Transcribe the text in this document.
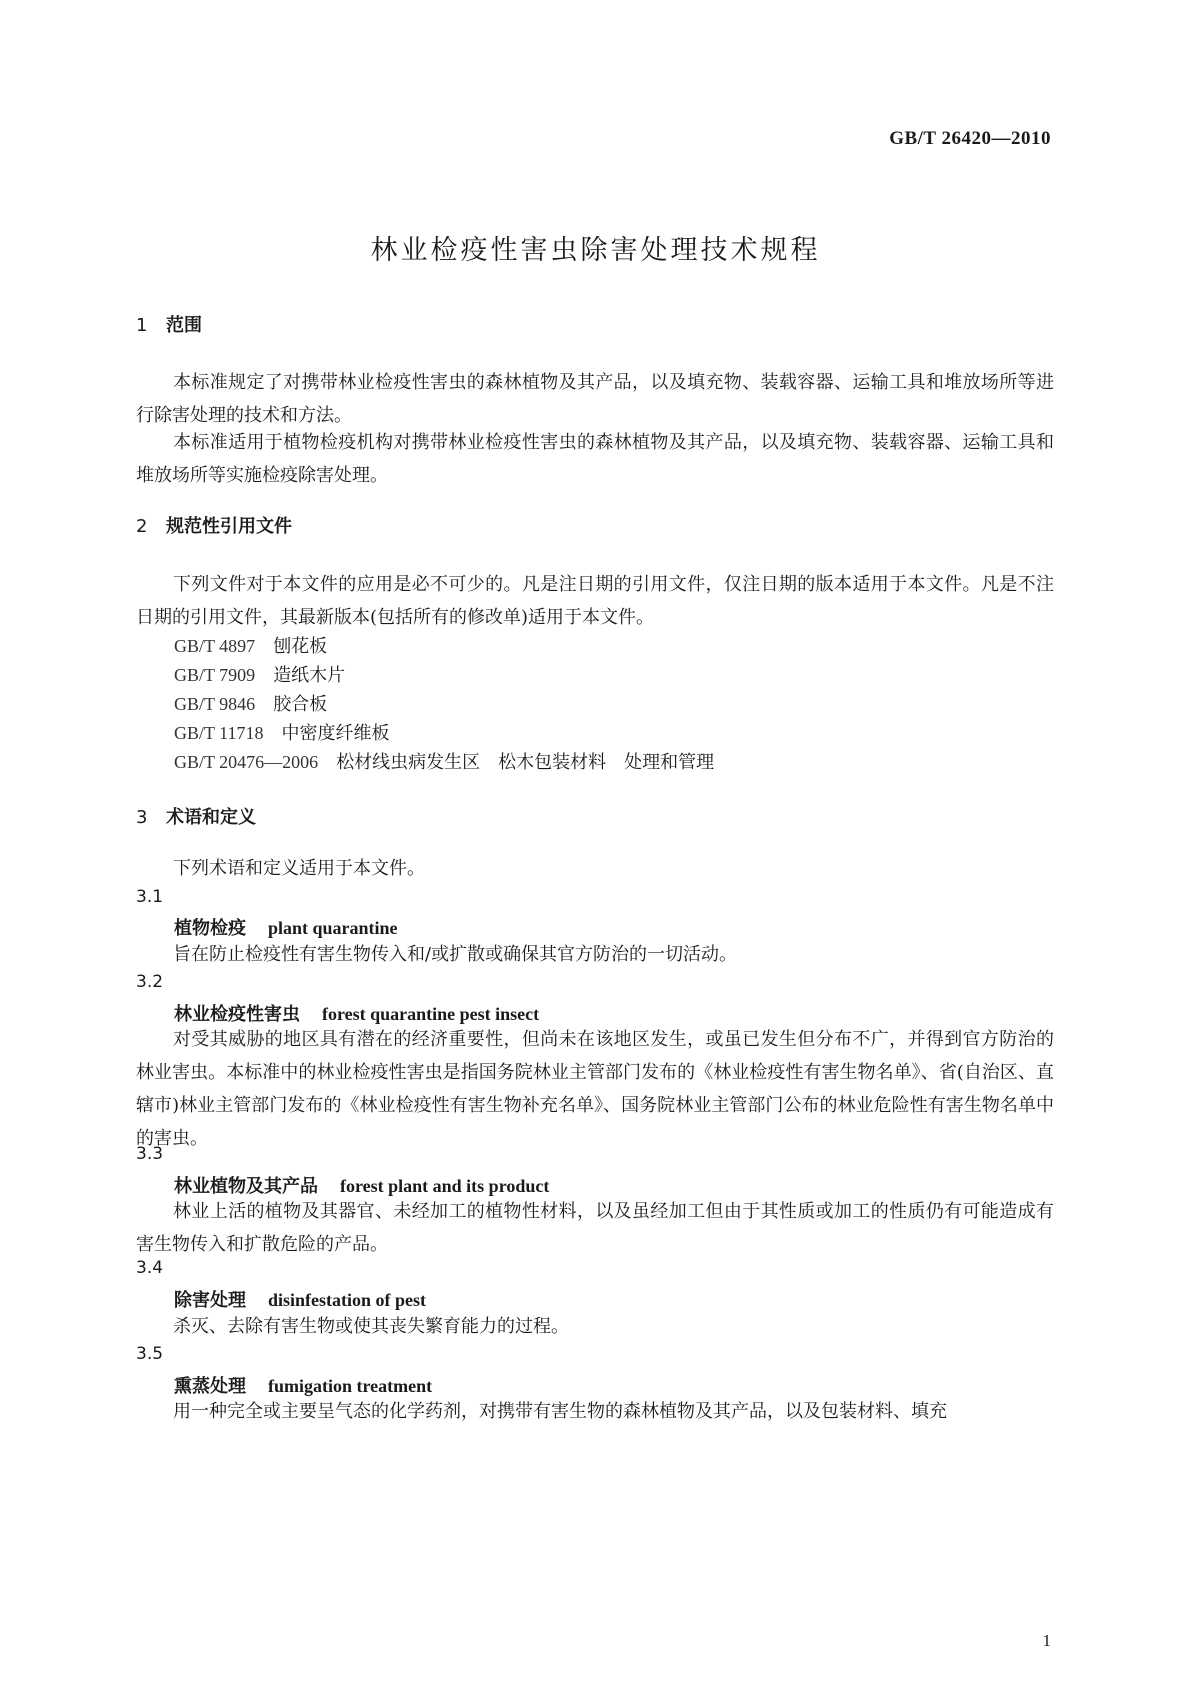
GB/T 26420—2010
林业检疫性害虫除害处理技术规程
1 范围

本标准规定了对携带林业检疫性害虫的森林植物及其产品，以及填充物、装载容器、运输工具和堆放场所等进行除害处理的技术和方法。

本标准适用于植物检疫机构对携带林业检疫性害虫的森林植物及其产品，以及填充物、装载容器、运输工具和堆放场所等实施检疫除害处理。

2 规范性引用文件

下列文件对于本文件的应用是必不可少的。凡是注日期的引用文件，仅注日期的版本适用于本文件。凡是不注日期的引用文件，其最新版本(包括所有的修改单)适用于本文件。

GB/T 4897 刨花板
GB/T 7909 造纸木片
GB/T 9846 胶合板
GB/T 11718 中密度纤维板
GB/T 20476—2006 松材线虫病发生区　松木包装材料　处理和管理
3 术语和定义

下列术语和定义适用于本文件。

3.1
植物检疫 plant quarantine

旨在防止检疫性有害生物传入和/或扩散或确保其官方防治的一切活动。

3.2
林业检疫性害虫 forest quarantine pest insect

对受其威胁的地区具有潜在的经济重要性，但尚未在该地区发生，或虽已发生但分布不广，并得到官方防治的林业害虫。本标准中的林业检疫性害虫是指国务院林业主管部门发布的《林业检疫性有害生物名单》、省(自治区、直辖市)林业主管部门发布的《林业检疫性有害生物补充名单》、国务院林业主管部门公布的林业危险性有害生物名单中的害虫。

3.3
林业植物及其产品 forest plant and its product

林业上活的植物及其器官、未经加工的植物性材料，以及虽经加工但由于其性质或加工的性质仍有可能造成有害生物传入和扩散危险的产品。

3.4
除害处理 disinfestation of pest

杀灭、去除有害生物或使其丧失繁育能力的过程。

3.5
熏蒸处理 fumigation treatment

用一种完全或主要呈气态的化学药剂，对携带有害生物的森林植物及其产品，以及包装材料、填充

1
